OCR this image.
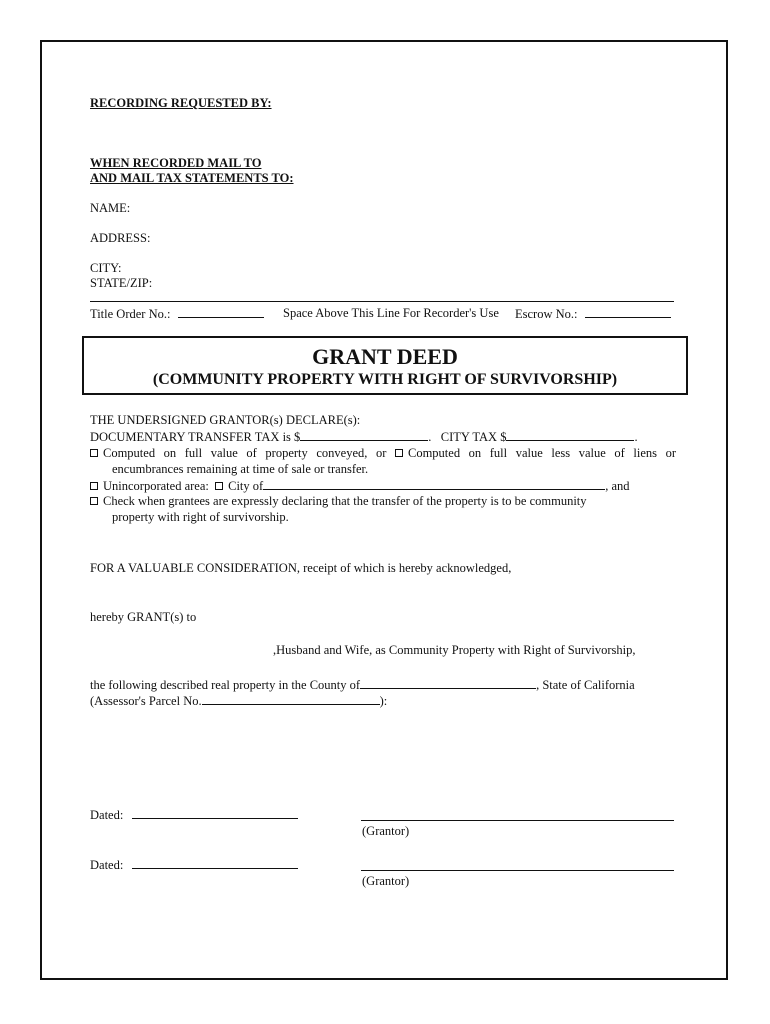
RECORDING REQUESTED BY:
WHEN RECORDED MAIL TO
AND MAIL TAX STATEMENTS TO:
NAME:
ADDRESS:
CITY:
STATE/ZIP:
Title Order No.:	Space Above This Line For Recorder's Use Escrow No.:
GRANT DEED
(COMMUNITY PROPERTY WITH RIGHT OF SURVIVORSHIP)
THE UNDERSIGNED GRANTOR(s) DECLARE(s):
DOCUMENTARY TRANSFER TAX is $	.   CITY TAX $	.
Computed on full value of property conveyed, or Computed on full value less value of liens or
encumbrances remaining at time of sale or transfer.
Unincorporated area: City of	, and
Check when grantees are expressly declaring that the transfer of the property is to be community
property with right of survivorship.
FOR A VALUABLE CONSIDERATION, receipt of which is hereby acknowledged,
hereby GRANT(s) to
,Husband and Wife, as Community Property with Right of Survivorship,
the following described real property in the County of	, State of California
(Assessor's Parcel No.	):
Dated:
(Grantor)
Dated:
(Grantor)
